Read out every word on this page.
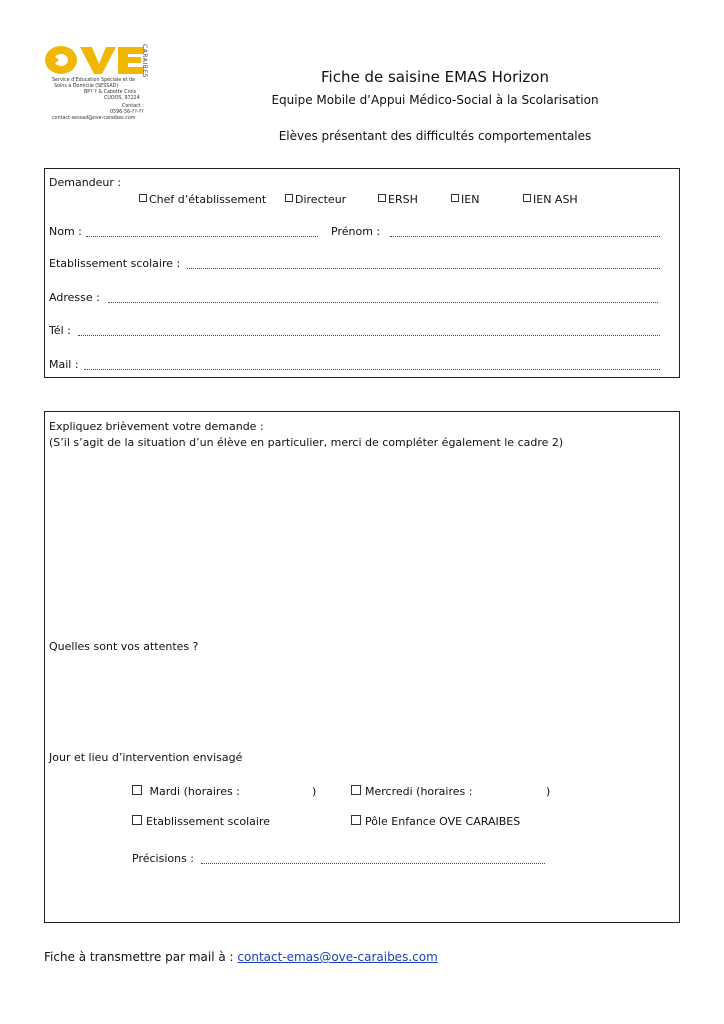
CARAIBES
Service d'Education Spéciale et de
Soins à Domicile (SESSAD)
BP? ? & Cabotte Crois
CUOOS, 97224
Contact :
0596-56-??-??
contact-sessad@ove-caraibes.com
Fiche de saisine EMAS Horizon
Equipe Mobile d’Appui Médico-Social à la Scolarisation
Elèves présentant des difficultés comportementales
Demandeur :
Chef d’établissement	Directeur	ERSH	IEN	IEN ASH
Nom :	Prénom :
Etablissement scolaire :
Adresse :
Tél :
Mail :
Expliquez brièvement votre demande :
(S’il s’agit de la situation d’un élève en particulier, merci de compléter également le cadre 2)
Quelles sont vos attentes ?
Jour et lieu d’intervention envisagé
Mardi (horaires :	)	Mercredi (horaires :	)
Etablissement scolaire	Pôle Enfance OVE CARAIBES
Précisions :
Fiche à transmettre par mail à : contact-emas@ove-caraibes.com
